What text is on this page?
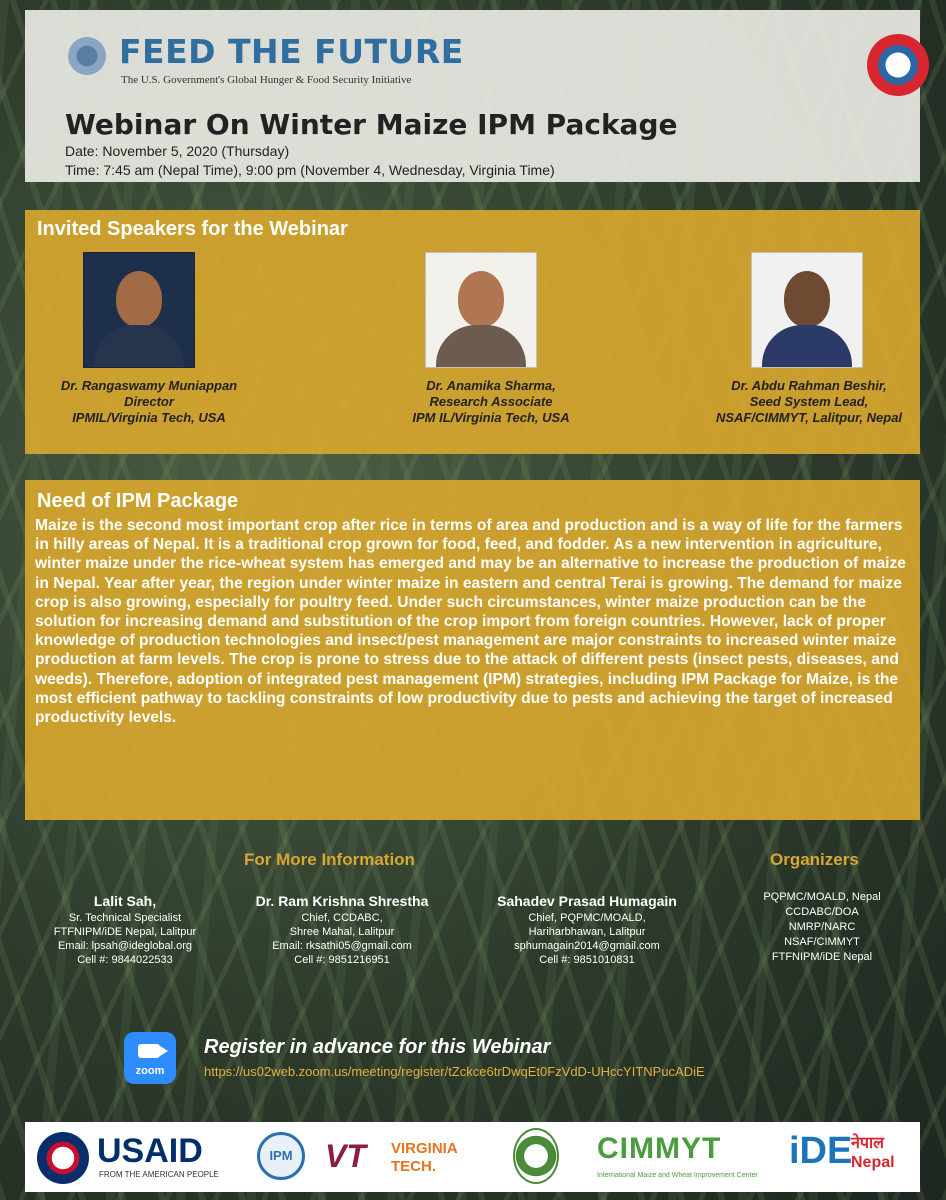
FEED THE FUTURE
The U.S. Government's Global Hunger & Food Security Initiative
Webinar On Winter Maize IPM Package
Date: November 5, 2020 (Thursday)
Time: 7:45 am (Nepal Time), 9:00 pm (November 4, Wednesday, Virginia Time)
Invited Speakers for the Webinar
Dr. Rangaswamy Muniappan
Director
IPMIL/Virginia Tech, USA
Dr. Anamika Sharma,
Research Associate
IPM IL/Virginia Tech, USA
Dr. Abdu Rahman Beshir,
Seed System Lead,
NSAF/CIMMYT, Lalitpur, Nepal
Need of IPM Package
Maize is the second most important crop after rice in terms of area and production and is a way of life for the farmers in hilly areas of Nepal. It is a traditional crop grown for food, feed, and fodder. As a new intervention in agriculture, winter maize under the rice-wheat system has emerged and may be an alternative to increase the production of maize in Nepal. Year after year, the region under winter maize in eastern and central Terai is growing. The demand for maize crop is also growing, especially for poultry feed. Under such circumstances, winter maize production can be the solution for increasing demand and substitution of the crop import from foreign countries. However, lack of proper knowledge of production technologies and insect/pest management are major constraints to increased winter maize production at farm levels. The crop is prone to stress due to the attack of different pests (insect pests, diseases, and weeds). Therefore, adoption of integrated pest management (IPM) strategies, including IPM Package for Maize, is the most efficient pathway to tackling constraints of low productivity due to pests and achieving the target of increased productivity levels.
For More Information	Organizers
Lalit Sah,
Sr. Technical Specialist
FTFNIPM/iDE Nepal, Lalitpur
Email: lpsah@ideglobal.org
Cell #: 9844022533
Dr. Ram Krishna Shrestha
Chief, CCDABC,
Shree Mahal, Lalitpur
Email: rksathi05@gmail.com
Cell #: 9851216951
Sahadev Prasad Humagain
Chief, PQPMC/MOALD,
Hariharbhawan, Lalitpur
sphumagain2014@gmail.com
Cell #: 9851010831
PQPMC/MOALD, Nepal
CCDABC/DOA
NMRP/NARC
NSAF/CIMMYT
FTFNIPM/iDE Nepal
zoom
Register in advance for this Webinar
https://us02web.zoom.us/meeting/register/tZckce6trDwqEt0FzVdD-UHccYITNPucADiE
USAID
FROM THE AMERICAN PEOPLE
IPM	VT VIRGINIA
TECH.
CIMMYT
International Maize and Wheat Improvement Center
iDE
नेपाल
Nepal
